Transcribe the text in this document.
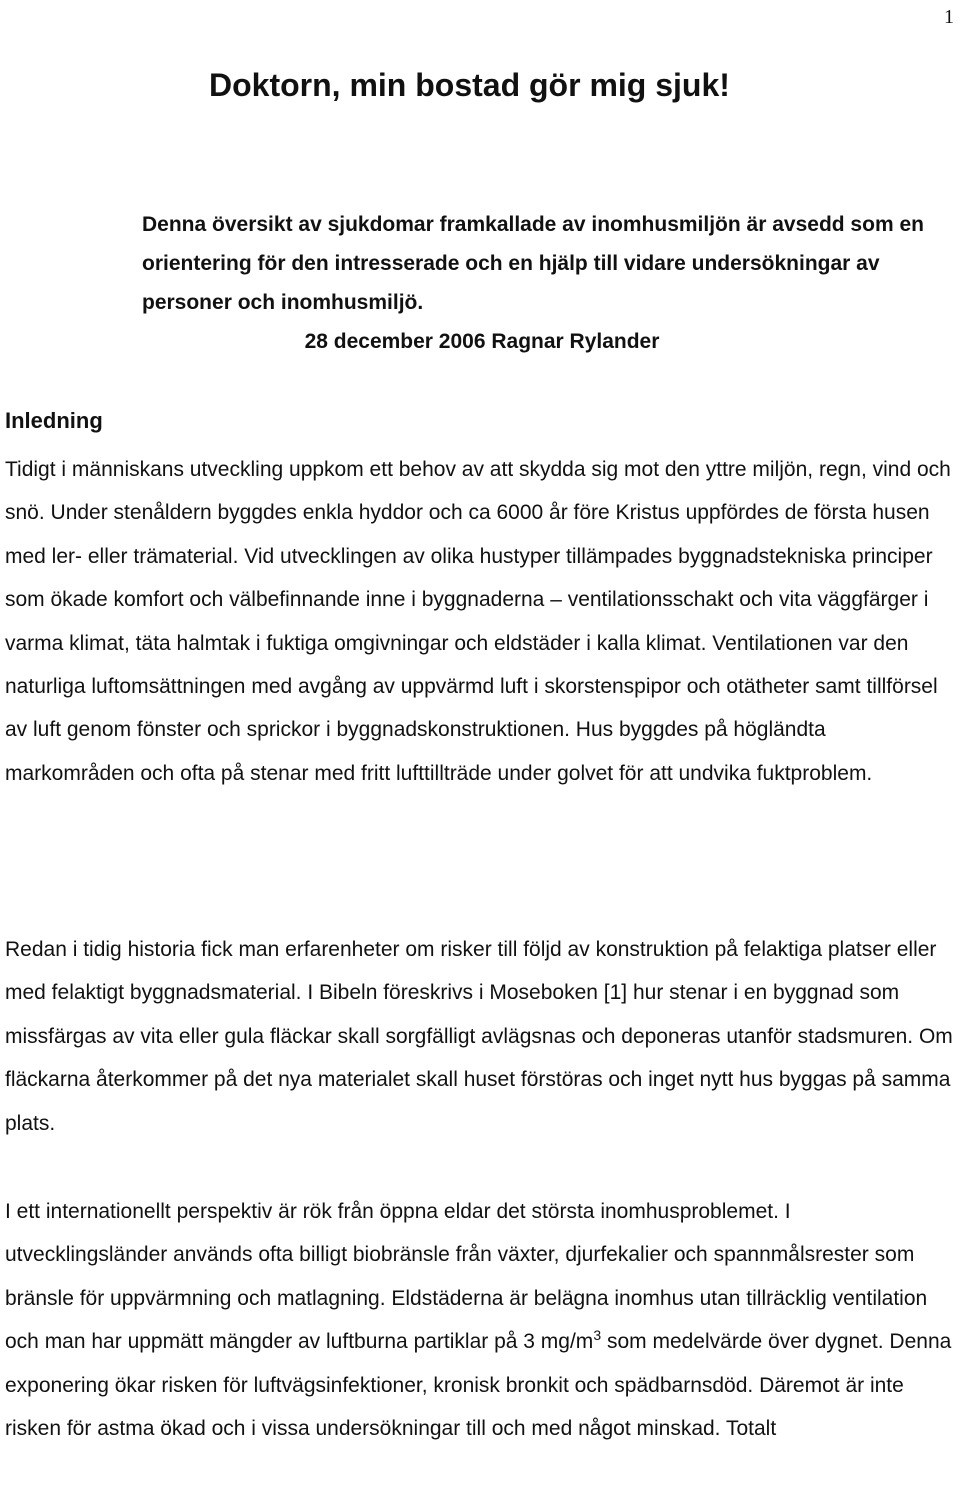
1
Doktorn, min bostad gör mig sjuk!

Denna översikt av sjukdomar framkallade av inomhusmiljön är avsedd som en orientering för den intresserade och en hjälp till vidare undersökningar av personer och inomhusmiljö.
28 december 2006 Ragnar Rylander

Inledning

Tidigt i människans utveckling uppkom ett behov av att skydda sig mot den yttre miljön, regn, vind och snö. Under stenåldern byggdes enkla hyddor och ca 6000 år före Kristus uppfördes de första husen med ler- eller trämaterial. Vid utvecklingen av olika hustyper tillämpades byggnadstekniska principer som ökade komfort och välbefinnande inne i byggnaderna – ventilationsschakt och vita väggfärger i varma klimat, täta halmtak i fuktiga omgivningar och eldstäder i kalla klimat. Ventilationen var den naturliga luftomsättningen med avgång av uppvärmd luft i skorstenspipor och otätheter samt tillförsel av luft genom fönster och sprickor i byggnadskonstruktionen. Hus byggdes på högländta markområden och ofta på stenar med fritt lufttillträde under golvet för att undvika fuktproblem.

Redan i tidig historia fick man erfarenheter om risker till följd av konstruktion på felaktiga platser eller med felaktigt byggnadsmaterial. I Bibeln föreskrivs i Moseboken [1] hur stenar i en byggnad som missfärgas av vita eller gula fläckar skall sorgfälligt avlägsnas och deponeras utanför stadsmuren. Om fläckarna återkommer på det nya materialet skall huset förstöras och inget nytt hus byggas på samma plats.

I ett internationellt perspektiv är rök från öppna eldar det största inomhusproblemet. I utvecklingsländer används ofta billigt biobränsle från växter, djurfekalier och spannmålsrester som bränsle för uppvärmning och matlagning. Eldstäderna är belägna inomhus utan tillräcklig ventilation och man har uppmätt mängder av luftburna partiklar på 3 $mg/m^3$ som medelvärde över dygnet. Denna exponering ökar risken för luftvägsinfektioner, kronisk bronkit och spädbarnsdöd. Däremot är inte risken för astma ökad och i vissa undersökningar till och med något minskad. Totalt
